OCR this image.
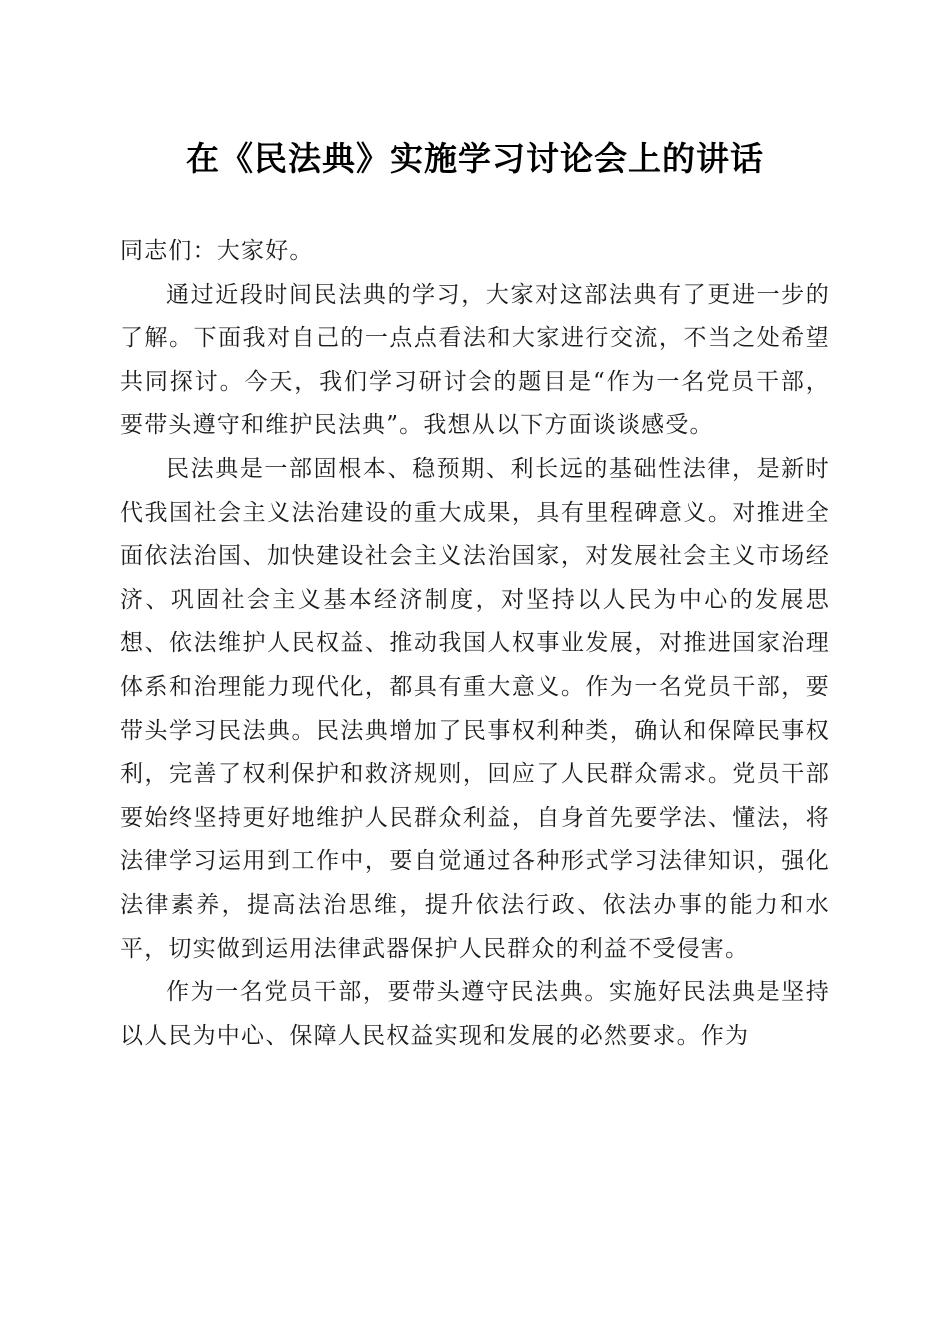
在《民法典》实施学习讨论会上的讲话

同志们：大家好。

通过近段时间民法典的学习，大家对这部法典有了更进一步的了解。下面我对自己的一点点看法和大家进行交流，不当之处希望共同探讨。今天，我们学习研讨会的题目是“作为一名党员干部，要带头遵守和维护民法典”。我想从以下方面谈谈感受。

民法典是一部固根本、稳预期、利长远的基础性法律，是新时代我国社会主义法治建设的重大成果，具有里程碑意义。对推进全面依法治国、加快建设社会主义法治国家，对发展社会主义市场经济、巩固社会主义基本经济制度，对坚持以人民为中心的发展思想、依法维护人民权益、推动我国人权事业发展，对推进国家治理体系和治理能力现代化，都具有重大意义。作为一名党员干部，要带头学习民法典。民法典增加了民事权利种类，确认和保障民事权利，完善了权利保护和救济规则，回应了人民群众需求。党员干部要始终坚持更好地维护人民群众利益，自身首先要学法、懂法，将法律学习运用到工作中，要自觉通过各种形式学习法律知识，强化法律素养，提高法治思维，提升依法行政、依法办事的能力和水平，切实做到运用法律武器保护人民群众的利益不受侵害。

作为一名党员干部，要带头遵守民法典。实施好民法典是坚持以人民为中心、保障人民权益实现和发展的必然要求。作为
